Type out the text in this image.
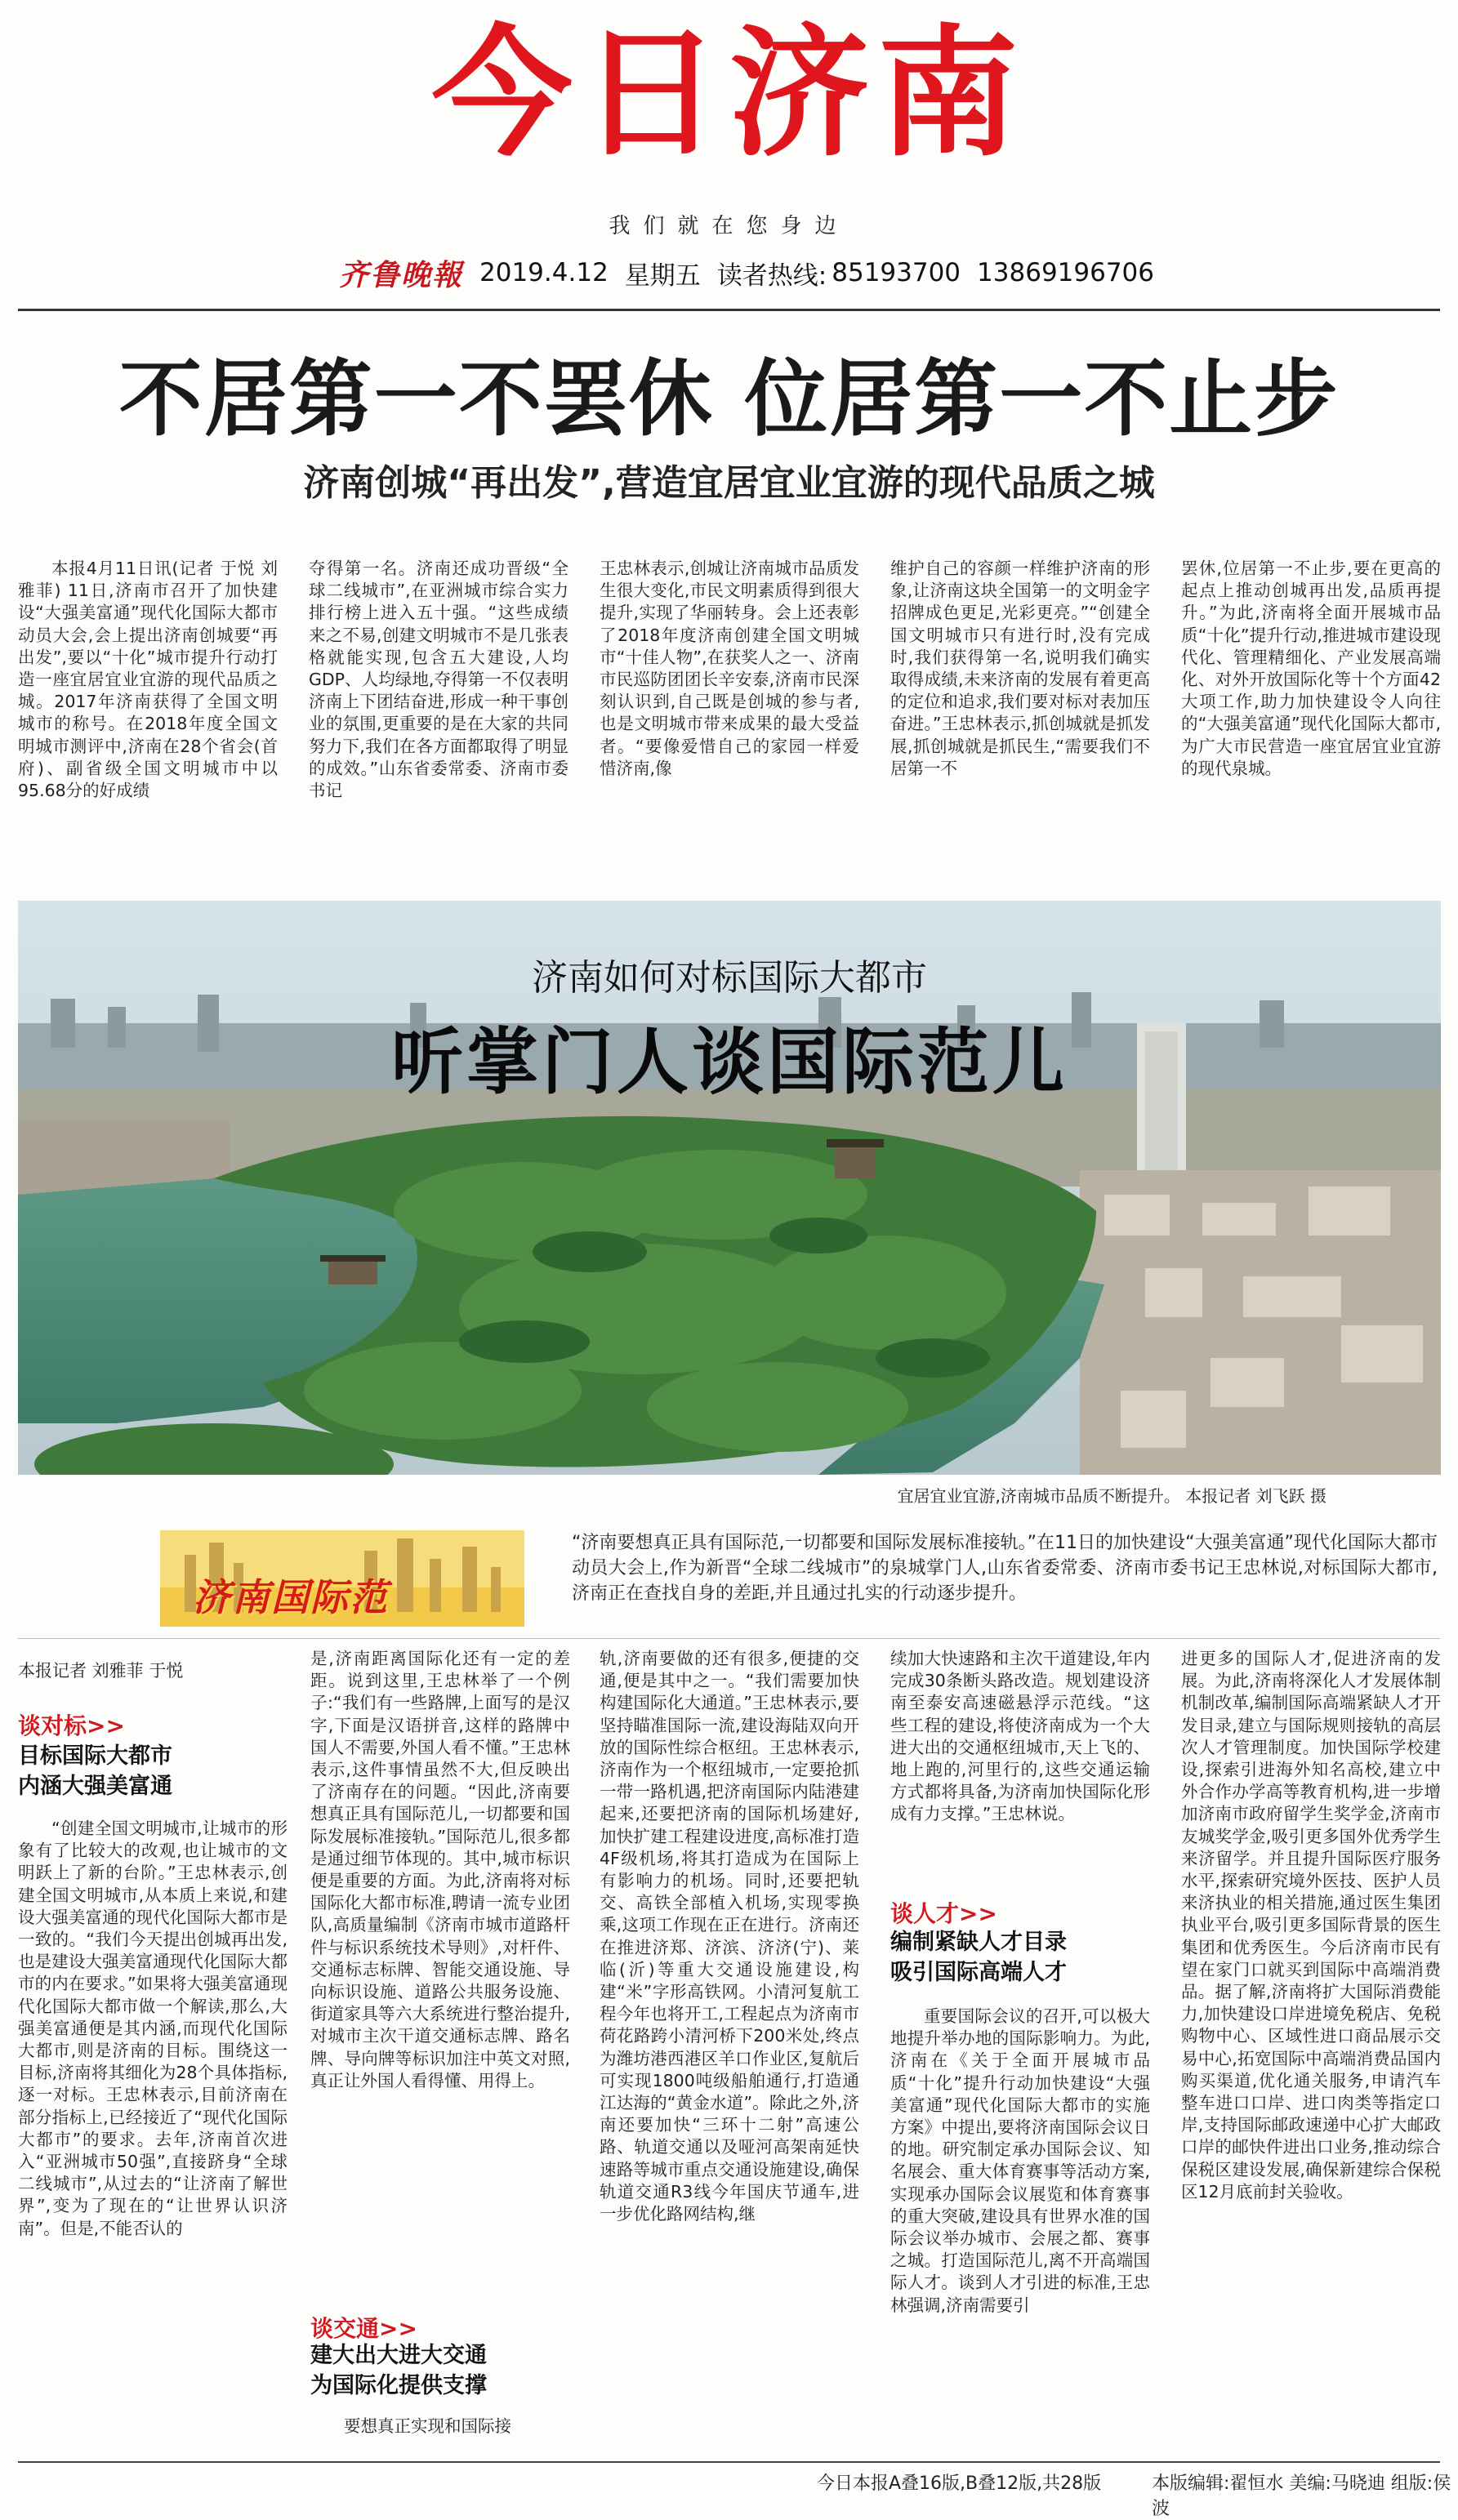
今日济南
我们就在您身边
齐鲁晚報 2019.4.12 星期五 读者热线: 85193700 13869196706
不居第一不罢休 位居第一不止步
济南创城“再出发”,营造宜居宜业宜游的现代品质之城

本报4月11日讯(记者 于悦 刘雅菲) 11日,济南市召开了加快建设“大强美富通”现代化国际大都市动员大会,会上提出济南创城要“再出发”,要以“十化”城市提升行动打造一座宜居宜业宜游的现代品质之城。2017年济南获得了全国文明城市的称号。在2018年度全国文明城市测评中,济南在28个省会(首府)、副省级全国文明城市中以95.68分的好成绩

夺得第一名。济南还成功晋级“全球二线城市”,在亚洲城市综合实力排行榜上进入五十强。“这些成绩来之不易,创建文明城市不是几张表格就能实现,包含五大建设,人均GDP、人均绿地,夺得第一不仅表明济南上下团结奋进,形成一种干事创业的氛围,更重要的是在大家的共同努力下,我们在各方面都取得了明显的成效。”山东省委常委、济南市委书记

王忠林表示,创城让济南城市品质发生很大变化,市民文明素质得到很大提升,实现了华丽转身。会上还表彰了2018年度济南创建全国文明城市“十佳人物”,在获奖人之一、济南市民巡防团团长辛安泰,济南市民深刻认识到,自己既是创城的参与者,也是文明城市带来成果的最大受益者。“要像爱惜自己的家园一样爱惜济南,像

维护自己的容颜一样维护济南的形象,让济南这块全国第一的文明金字招牌成色更足,光彩更亮。”“创建全国文明城市只有进行时,没有完成时,我们获得第一名,说明我们确实取得成绩,未来济南的发展有着更高的定位和追求,我们要对标对表加压奋进。”王忠林表示,抓创城就是抓发展,抓创城就是抓民生,“需要我们不居第一不

罢休,位居第一不止步,要在更高的起点上推动创城再出发,品质再提升。”为此,济南将全面开展城市品质“十化”提升行动,推进城市建设现代化、管理精细化、产业发展高端化、对外开放国际化等十个方面42大项工作,助力加快建设令人向往的“大强美富通”现代化国际大都市,为广大市民营造一座宜居宜业宜游的现代泉城。

济南如何对标国际大都市
听掌门人谈国际范儿
宜居宜业宜游,济南城市品质不断提升。 本报记者 刘飞跃 摄
济南国际范
“济南要想真正具有国际范,一切都要和国际发展标准接轨。”在11日的加快建设“大强美富通”现代化国际大都市动员大会上,作为新晋“全球二线城市”的泉城掌门人,山东省委常委、济南市委书记王忠林说,对标国际大都市,济南正在查找自身的差距,并且通过扎实的行动逐步提升。
本报记者 刘雅菲 于悦
谈对标>>
目标国际大都市
内涵大强美富通

“创建全国文明城市,让城市的形象有了比较大的改观,也让城市的文明跃上了新的台阶。”王忠林表示,创建全国文明城市,从本质上来说,和建设大强美富通的现代化国际大都市是一致的。“我们今天提出创城再出发,也是建设大强美富通现代化国际大都市的内在要求。”如果将大强美富通现代化国际大都市做一个解读,那么,大强美富通便是其内涵,而现代化国际大都市,则是济南的目标。围绕这一目标,济南将其细化为28个具体指标,逐一对标。王忠林表示,目前济南在部分指标上,已经接近了“现代化国际大都市”的要求。去年,济南首次进入“亚洲城市50强”,直接跻身“全球二线城市”,从过去的“让济南了解世界”,变为了现在的“让世界认识济南”。但是,不能否认的

是,济南距离国际化还有一定的差距。说到这里,王忠林举了一个例子:“我们有一些路牌,上面写的是汉字,下面是汉语拼音,这样的路牌中国人不需要,外国人看不懂。”王忠林表示,这件事情虽然不大,但反映出了济南存在的问题。“因此,济南要想真正具有国际范儿,一切都要和国际发展标准接轨。”国际范儿,很多都是通过细节体现的。其中,城市标识便是重要的方面。为此,济南将对标国际化大都市标准,聘请一流专业团队,高质量编制《济南市城市道路杆件与标识系统技术导则》,对杆件、交通标志标牌、智能交通设施、导向标识设施、道路公共服务设施、街道家具等六大系统进行整治提升,对城市主次干道交通标志牌、路名牌、导向牌等标识加注中英文对照,真正让外国人看得懂、用得上。

谈交通>>
建大出大进大交通
为国际化提供支撑

要想真正实现和国际接

轨,济南要做的还有很多,便捷的交通,便是其中之一。“我们需要加快构建国际化大通道。”王忠林表示,要坚持瞄准国际一流,建设海陆双向开放的国际性综合枢纽。王忠林表示,济南作为一个枢纽城市,一定要抢抓一带一路机遇,把济南国际内陆港建起来,还要把济南的国际机场建好,加快扩建工程建设进度,高标准打造4F级机场,将其打造成为在国际上有影响力的机场。同时,还要把轨交、高铁全部植入机场,实现零换乘,这项工作现在正在进行。济南还在推进济郑、济滨、济济(宁)、莱临(沂)等重大交通设施建设,构建“米”字形高铁网。小清河复航工程今年也将开工,工程起点为济南市荷花路跨小清河桥下200米处,终点为潍坊港西港区羊口作业区,复航后可实现1800吨级船舶通行,打造通江达海的“黄金水道”。除此之外,济南还要加快“三环十二射”高速公路、轨道交通以及哑河高架南延快速路等城市重点交通设施建设,确保轨道交通R3线今年国庆节通车,进一步优化路网结构,继

续加大快速路和主次干道建设,年内完成30条断头路改造。规划建设济南至泰安高速磁悬浮示范线。“这些工程的建设,将使济南成为一个大进大出的交通枢纽城市,天上飞的、地上跑的,河里行的,这些交通运输方式都将具备,为济南加快国际化形成有力支撑。”王忠林说。

谈人才>>
编制紧缺人才目录
吸引国际高端人才

重要国际会议的召开,可以极大地提升举办地的国际影响力。为此,济南在《关于全面开展城市品质“十化”提升行动加快建设“大强美富通”现代化国际大都市的实施方案》中提出,要将济南国际会议日的地。研究制定承办国际会议、知名展会、重大体育赛事等活动方案,实现承办国际会议展览和体育赛事的重大突破,建设具有世界水准的国际会议举办城市、会展之都、赛事之城。打造国际范儿,离不开高端国际人才。谈到人才引进的标准,王忠林强调,济南需要引

进更多的国际人才,促进济南的发展。为此,济南将深化人才发展体制机制改革,编制国际高端紧缺人才开发目录,建立与国际规则接轨的高层次人才管理制度。加快国际学校建设,探索引进海外知名高校,建立中外合作办学高等教育机构,进一步增加济南市政府留学生奖学金,济南市友城奖学金,吸引更多国外优秀学生来济留学。并且提升国际医疗服务水平,探索研究境外医技、医护人员来济执业的相关措施,通过医生集团执业平台,吸引更多国际背景的医生集团和优秀医生。今后济南市民有望在家门口就买到国际中高端消费品。据了解,济南将扩大国际消费能力,加快建设口岸进境免税店、免税购物中心、区域性进口商品展示交易中心,拓宽国际中高端消费品国内购买渠道,优化通关服务,申请汽车整车进口口岸、进口肉类等指定口岸,支持国际邮政速递中心扩大邮政口岸的邮快件进出口业务,推动综合保税区建设发展,确保新建综合保税区12月底前封关验收。

今日本报A叠16版,B叠12版,共28版	本版编辑:翟恒水 美编:马晓迪 组版:侯波
